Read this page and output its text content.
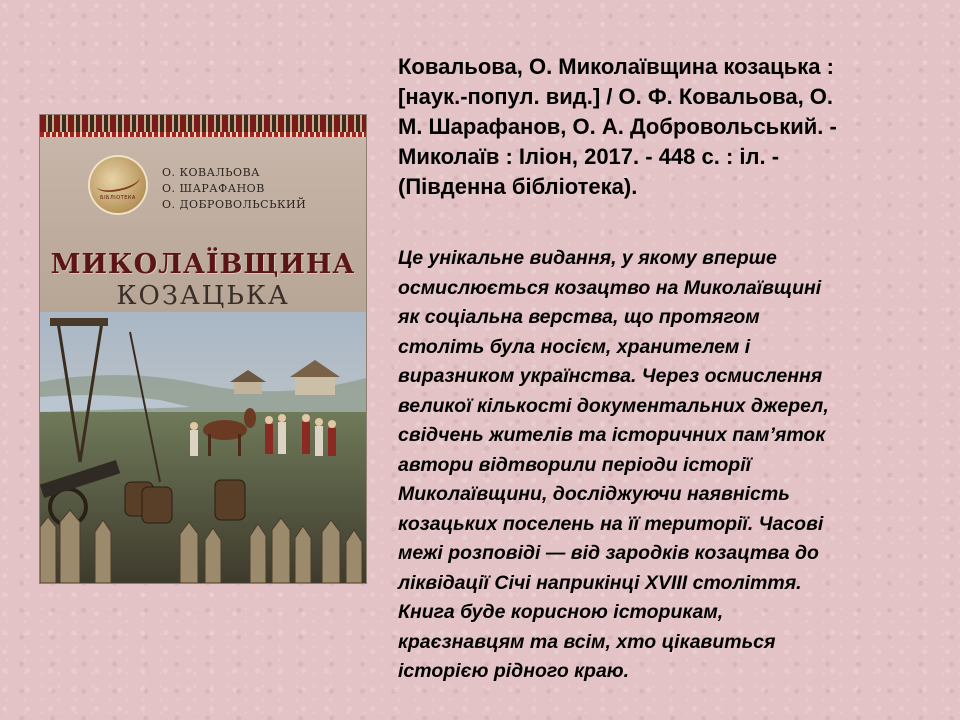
БІБЛІОТЕКА
О. КОВАЛЬОВА
О. ШАРАФАНОВ
О. ДОБРОВОЛЬСЬКИЙ
МИКОЛАЇВЩИНА
КОЗАЦЬКА
Ковальова, О. Миколаївщина козацька :
[наук.-попул. вид.] / О. Ф. Ковальова, О.
М. Шарафанов, О. А. Добровольський. -
Миколаїв : Іліон, 2017. - 448 с. : іл. -
(Південна бібліотека).
Це унікальне видання, у якому вперше
осмислюється козацтво на Миколаївщині
як соціальна верства, що протягом
століть була носієм, хранителем і
виразником українства. Через осмислення
великої кількості документальних джерел,
свідчень жителів та історичних пам’яток
автори відтворили періоди історії
Миколаївщини, досліджуючи наявність
козацьких поселень на її території. Часові
межі розповіді — від зародків козацтва до
ліквідації Січі наприкінці XVIII століття.
Книга буде корисною історикам,
краєзнавцям та всім, хто цікавиться
історією рідного краю.
